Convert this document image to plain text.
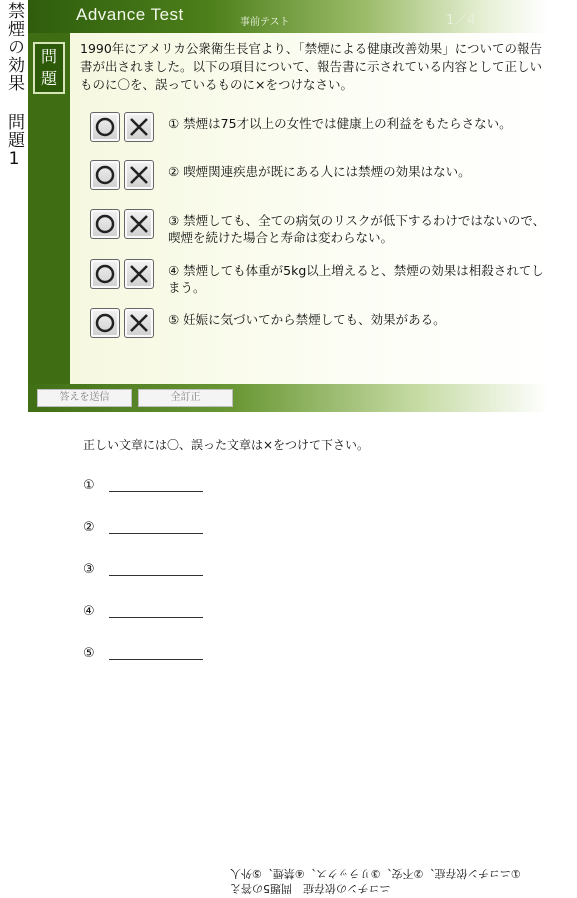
禁煙の効果 問題1	Advance Test	事前テスト	1／4
問題
1990年にアメリカ公衆衛生長官より、「禁煙による健康改善効果」についての報告書が出されました。以下の項目について、報告書に示されている内容として正しいものに〇を、誤っているものに×をつけなさい。
① 禁煙は75才以上の女性では健康上の利益をもたらさない。
② 喫煙関連疾患が既にある人には禁煙の効果はない。
③ 禁煙しても、全ての病気のリスクが低下するわけではないので、喫煙を続けた場合と寿命は変わらない。
④ 禁煙しても体重が5kg以上増えると、禁煙の効果は相殺されてしまう。
⑤ 妊娠に気づいてから禁煙しても、効果がある。
答えを送信	全訂正
正しい文章には〇、誤った文章は×をつけて下さい。
①
②
③
④
⑤
ニコチンの依存症　問題5の答え
①ニコチン依存症、②不安、③リラックス、④禁煙、⑤外人
